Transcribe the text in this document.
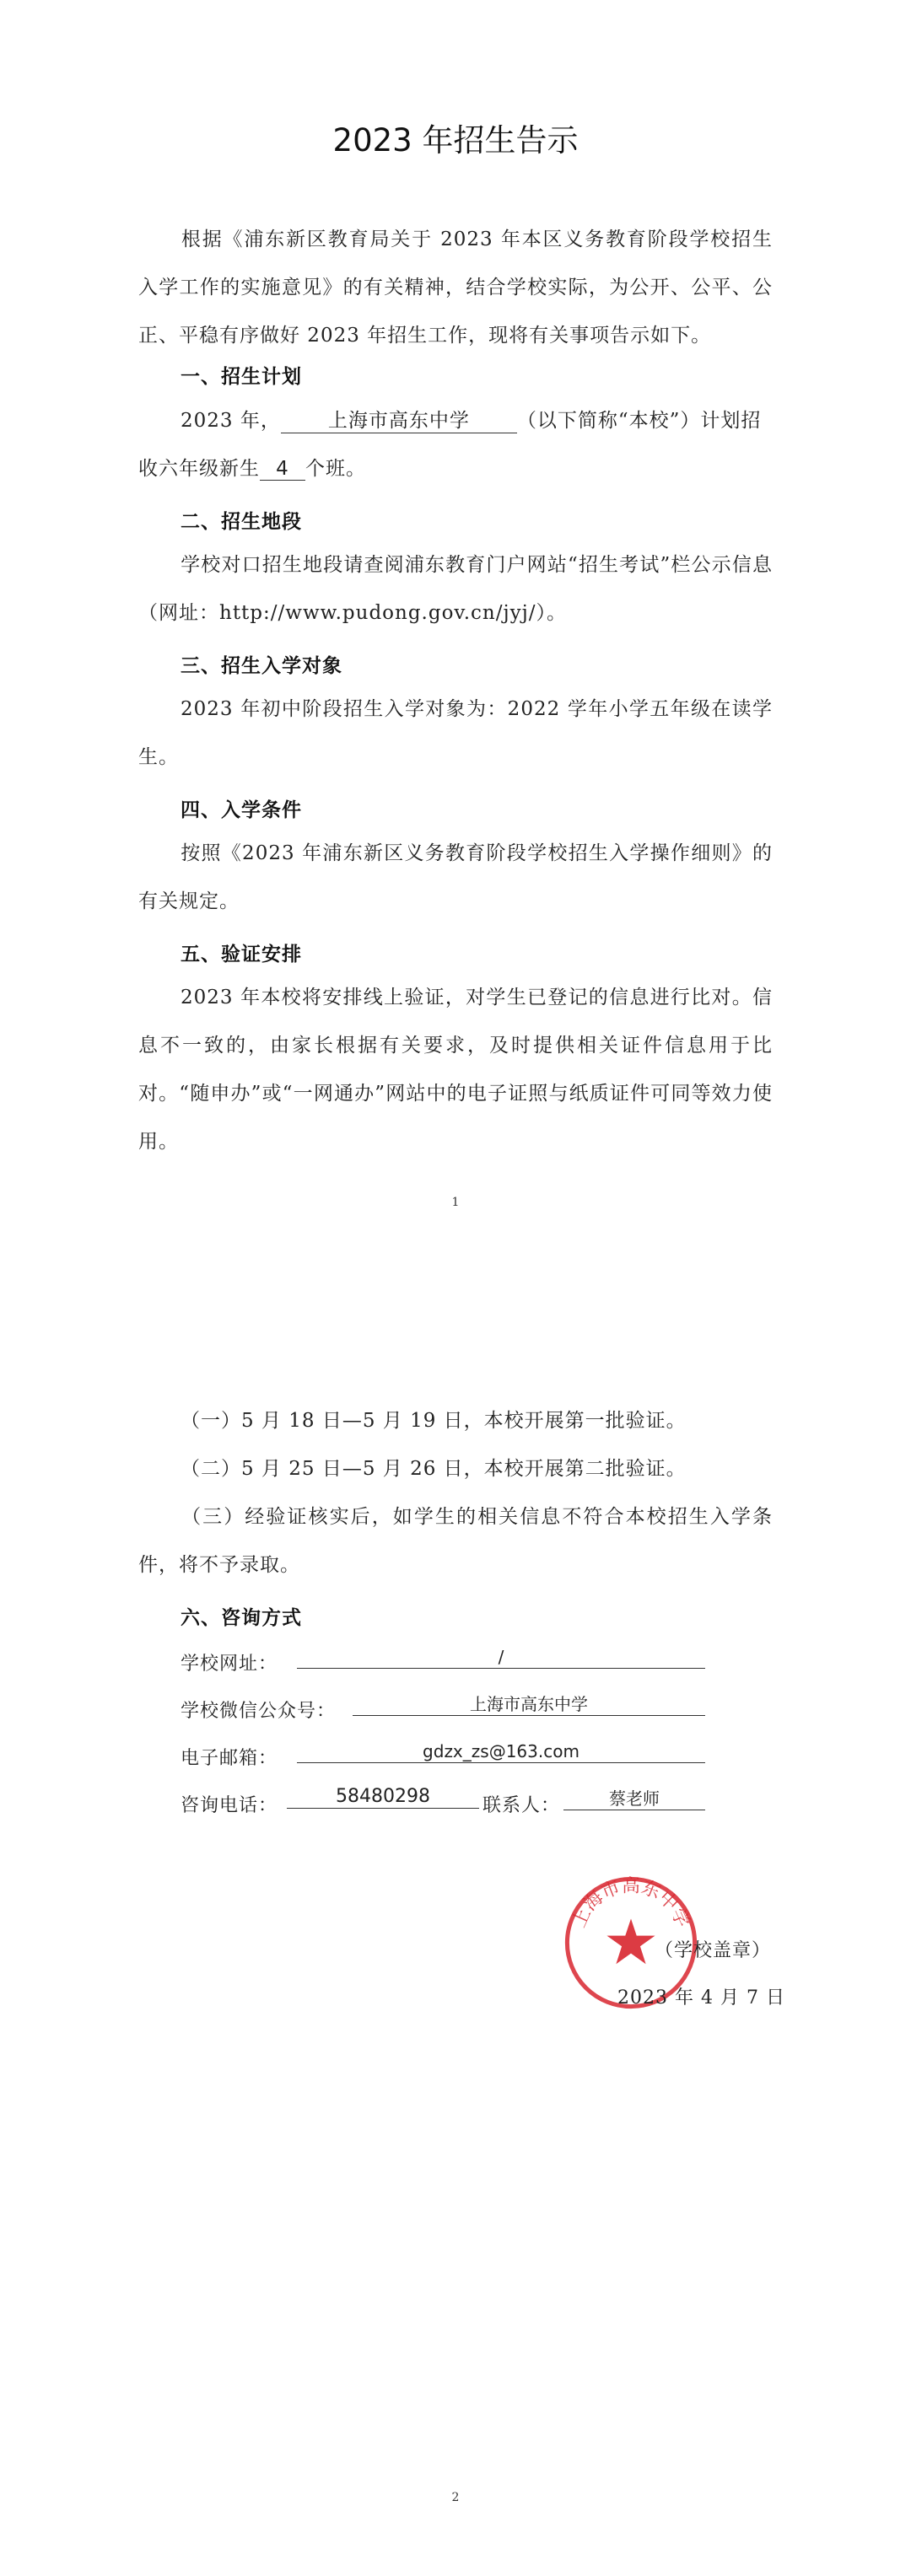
2023 年招生告示

根据《浦东新区教育局关于 2023 年本区义务教育阶段学校招生入学工作的实施意见》的有关精神，结合学校实际，为公开、公平、公正、平稳有序做好 2023 年招生工作，现将有关事项告示如下。

一、招生计划
2023 年， 上海市高东中学 （以下简称“本校”）计划招
收六年级新生 4 个班。
二、招生地段

学校对口招生地段请查阅浦东教育门户网站“招生考试”栏公示信息（网址：http://www.pudong.gov.cn/jyj/）。

三、招生入学对象

2023 年初中阶段招生入学对象为：2022 学年小学五年级在读学生。

四、入学条件

按照《2023 年浦东新区义务教育阶段学校招生入学操作细则》的有关规定。

五、验证安排

2023 年本校将安排线上验证，对学生已登记的信息进行比对。信息不一致的，由家长根据有关要求，及时提供相关证件信息用于比对。“随申办”或“一网通办”网站中的电子证照与纸质证件可同等效力使用。

1

（一）5 月 18 日—5 月 19 日，本校开展第一批验证。

（二）5 月 25 日—5 月 26 日，本校开展第二批验证。

（三）经验证核实后，如学生的相关信息不符合本校招生入学条件，将不予录取。

六、咨询方式
学校网址：	/
学校微信公众号：	上海市高东中学
电子邮箱：	gdzx_zs@163.com
咨询电话：	58480298	联系人：	蔡老师
上海市高东中学
（学校盖章）
2023 年 4 月 7 日
2
